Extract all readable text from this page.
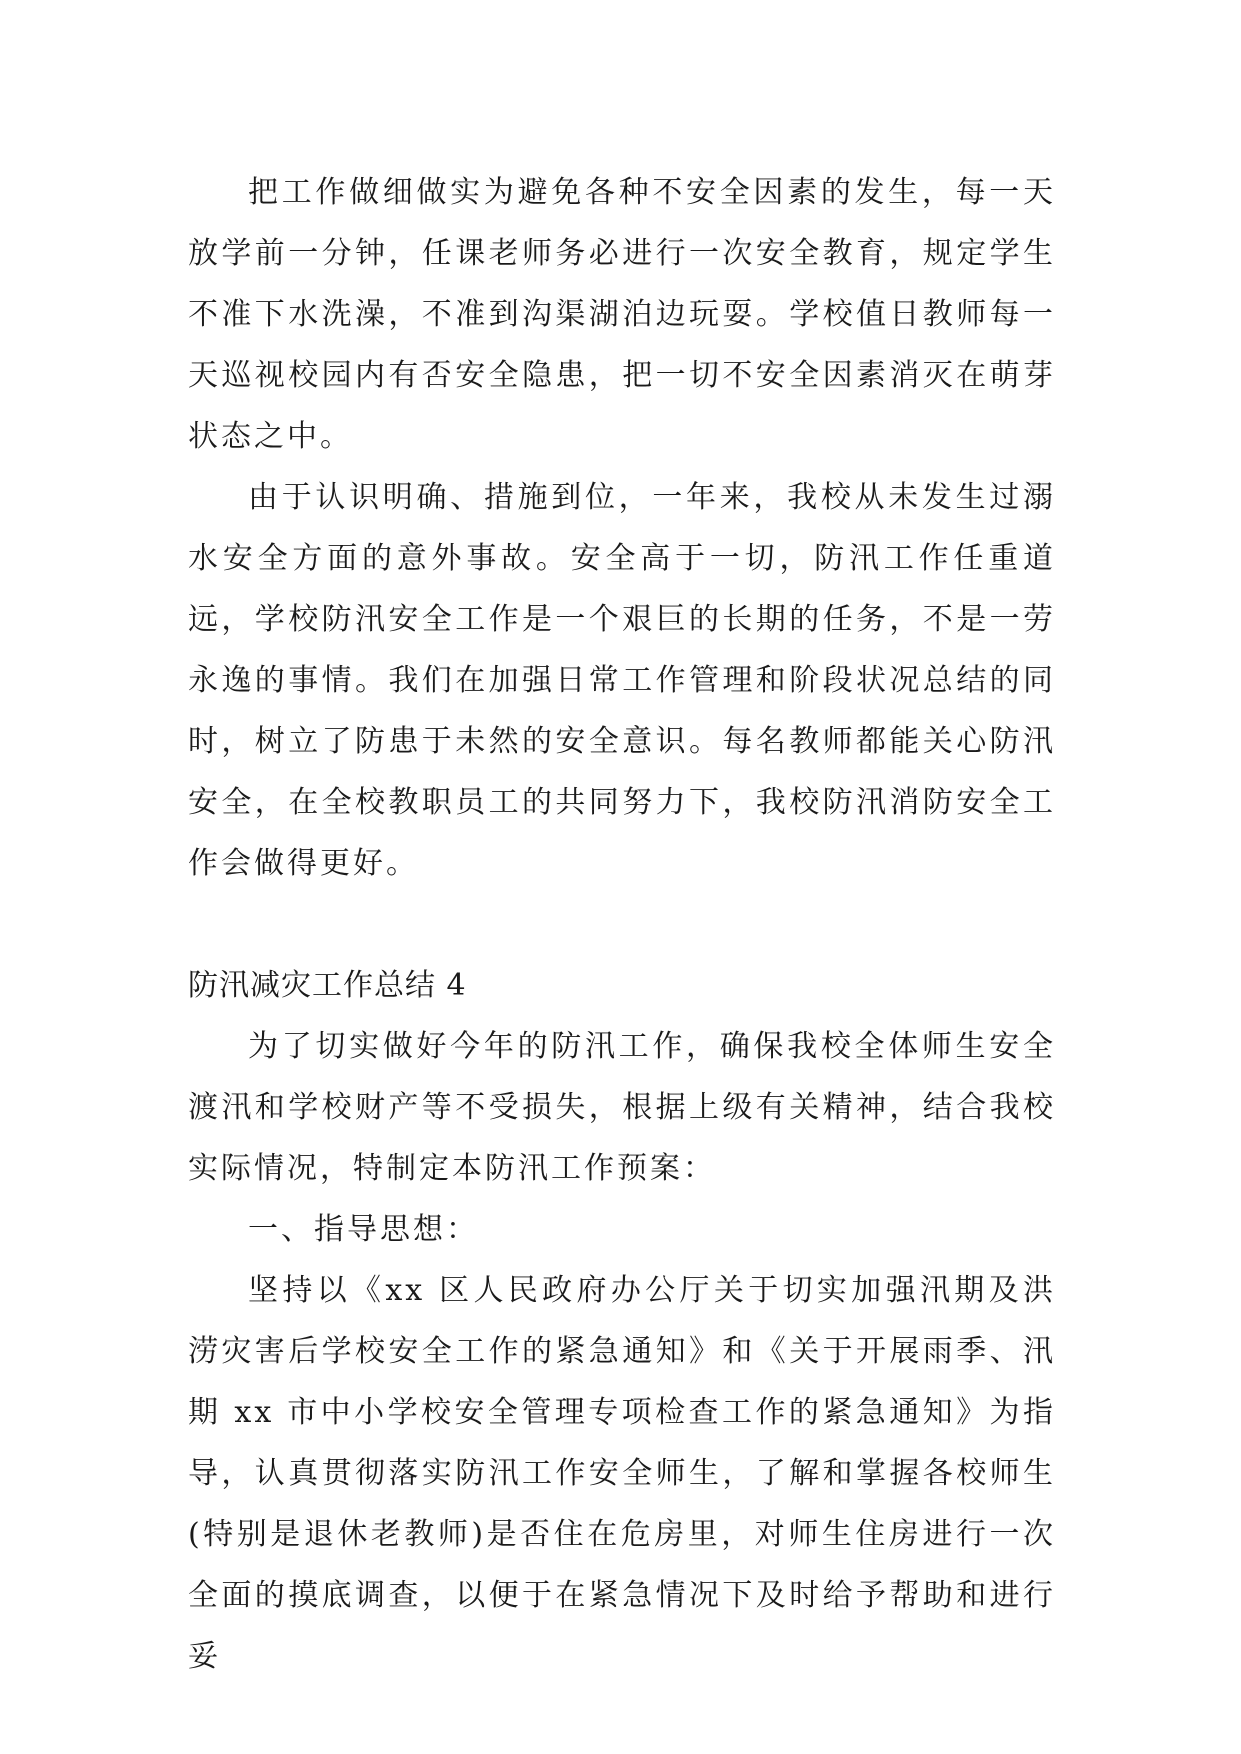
把工作做细做实为避免各种不安全因素的发生，每一天放学前一分钟，任课老师务必进行一次安全教育，规定学生不准下水洗澡，不准到沟渠湖泊边玩耍。学校值日教师每一天巡视校园内有否安全隐患，把一切不安全因素消灭在萌芽状态之中。

由于认识明确、措施到位，一年来，我校从未发生过溺水安全方面的意外事故。安全高于一切，防汛工作任重道远，学校防汛安全工作是一个艰巨的长期的任务，不是一劳永逸的事情。我们在加强日常工作管理和阶段状况总结的同时，树立了防患于未然的安全意识。每名教师都能关心防汛安全，在全校教职员工的共同努力下，我校防汛消防安全工作会做得更好。

防汛减灾工作总结 4

为了切实做好今年的防汛工作，确保我校全体师生安全渡汛和学校财产等不受损失，根据上级有关精神，结合我校实际情况，特制定本防汛工作预案：

一、指导思想：

坚持以《xx 区人民政府办公厅关于切实加强汛期及洪涝灾害后学校安全工作的紧急通知》和《关于开展雨季、汛期 xx 市中小学校安全管理专项检查工作的紧急通知》为指导，认真贯彻落实防汛工作安全师生，了解和掌握各校师生(特别是退休老教师)是否住在危房里，对师生住房进行一次全面的摸底调查，以便于在紧急情况下及时给予帮助和进行妥
